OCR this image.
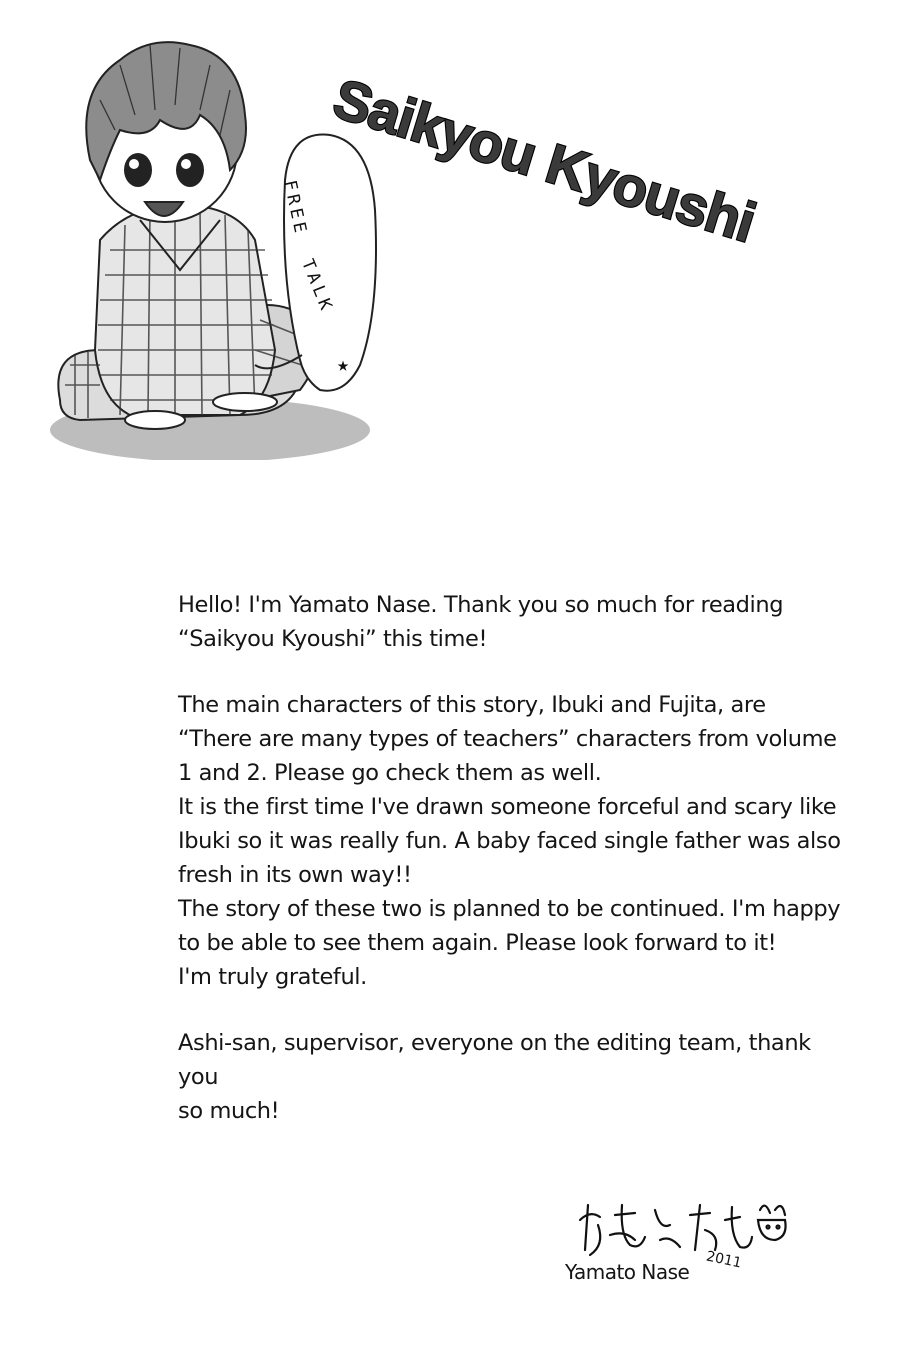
FREE
TALK
★
Saikyou Kyoushi

Hello! I'm Yamato Nase. Thank you so much for reading
“Saikyou Kyoushi” this time!

The main characters of this story, Ibuki and Fujita, are
“There are many types of teachers” characters from volume
1 and 2. Please go check them as well.
It is the first time I've drawn someone forceful and scary like
Ibuki so it was really fun. A baby faced single father was also
fresh in its own way!!
The story of these two is planned to be continued. I'm happy
to be able to see them again. Please look forward to it!
I'm truly grateful.

Ashi-san, supervisor, everyone on the editing team, thank you
so much!

Yamato Nase 2011
